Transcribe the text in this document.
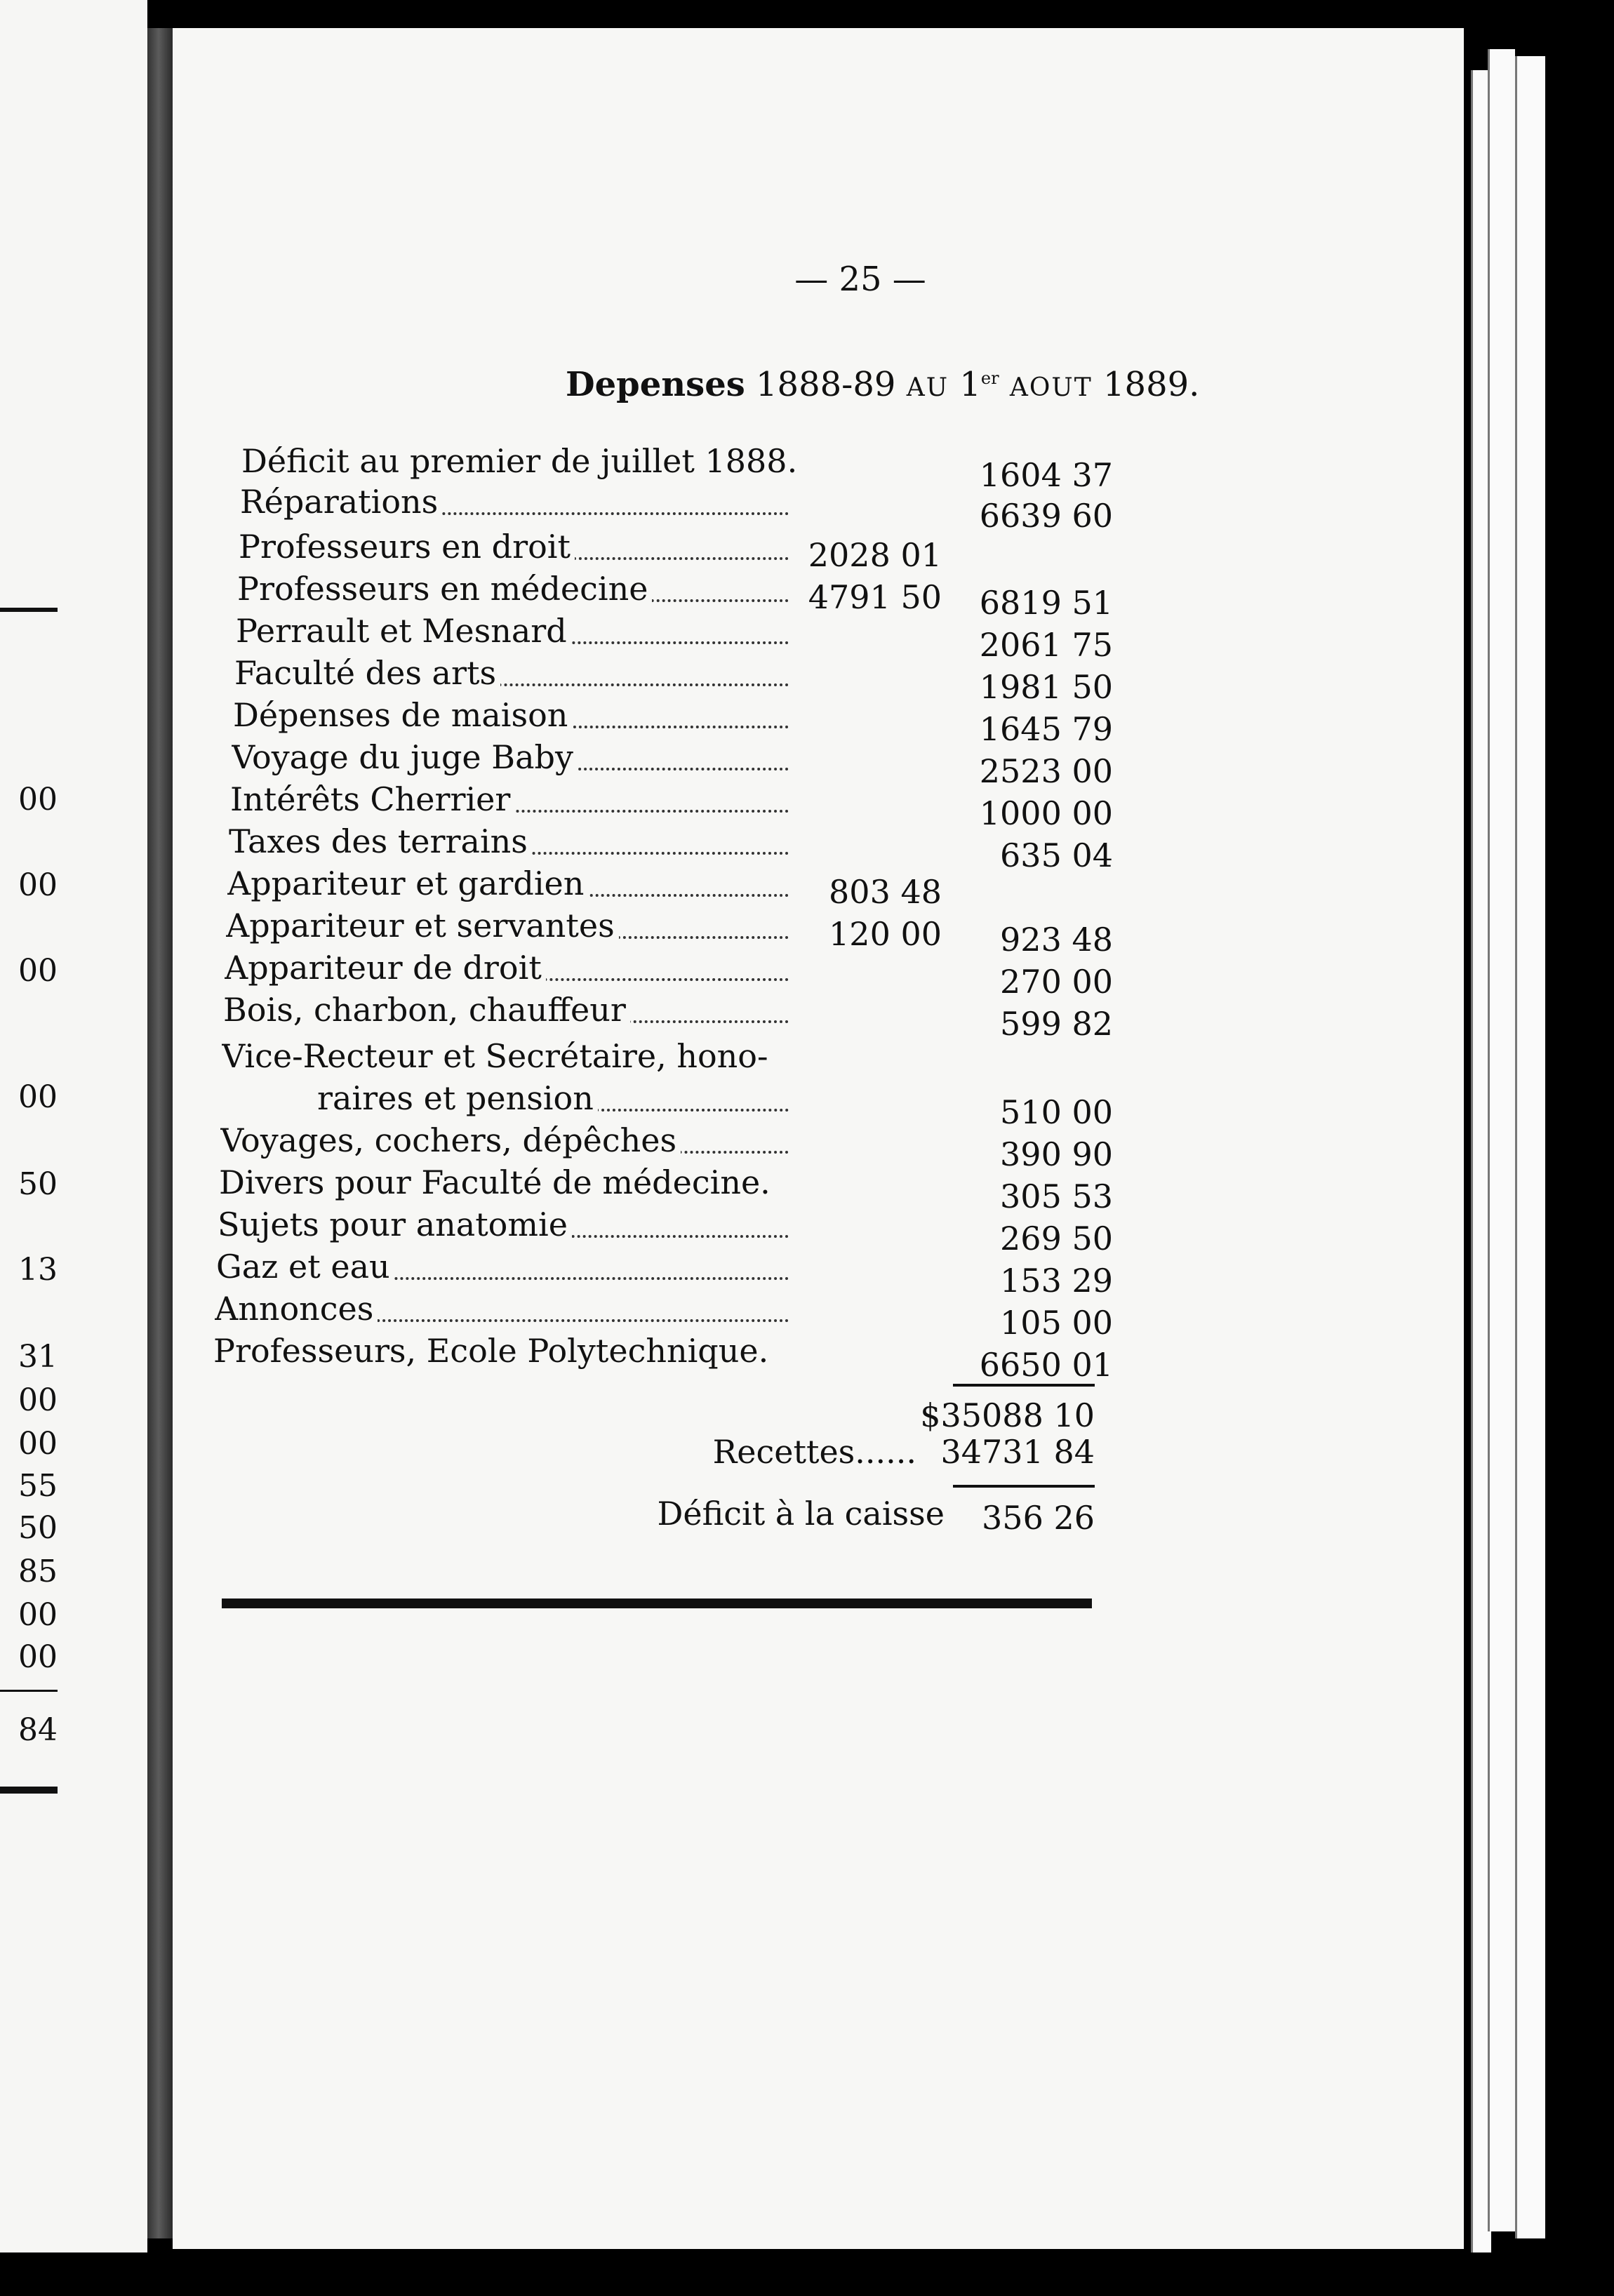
00
00
00
00
50
13
31
00
00
55
50
85
00
00
84
— 25 —
Depenses 1888-89 AU 1er AOUT 1889.
Déficit au premier de juillet 1888.	1604 37
Réparations	6639 60
Professeurs en droit	2028 01
Professeurs en médecine	4791 50	6819 51
Perrault et Mesnard	2061 75
Faculté des arts	1981 50
Dépenses de maison	1645 79
Voyage du juge Baby	2523 00
Intérêts Cherrier	1000 00
Taxes des terrains	635 04
Appariteur et gardien	803 48
Appariteur et servantes	120 00	923 48
Appariteur de droit	270 00
Bois, charbon, chauffeur	599 82
Vice-Recteur et Secrétaire, hono-
raires et pension	510 00
Voyages, cochers, dépêches	390 90
Divers pour Faculté de médecine.	305 53
Sujets pour anatomie	269 50
Gaz et eau	153 29
Annonces	105 00
Professeurs, Ecole Polytechnique.	6650 01
$35088 10
Recettes...... 34731 84
Déficit à la caisse	356 26
